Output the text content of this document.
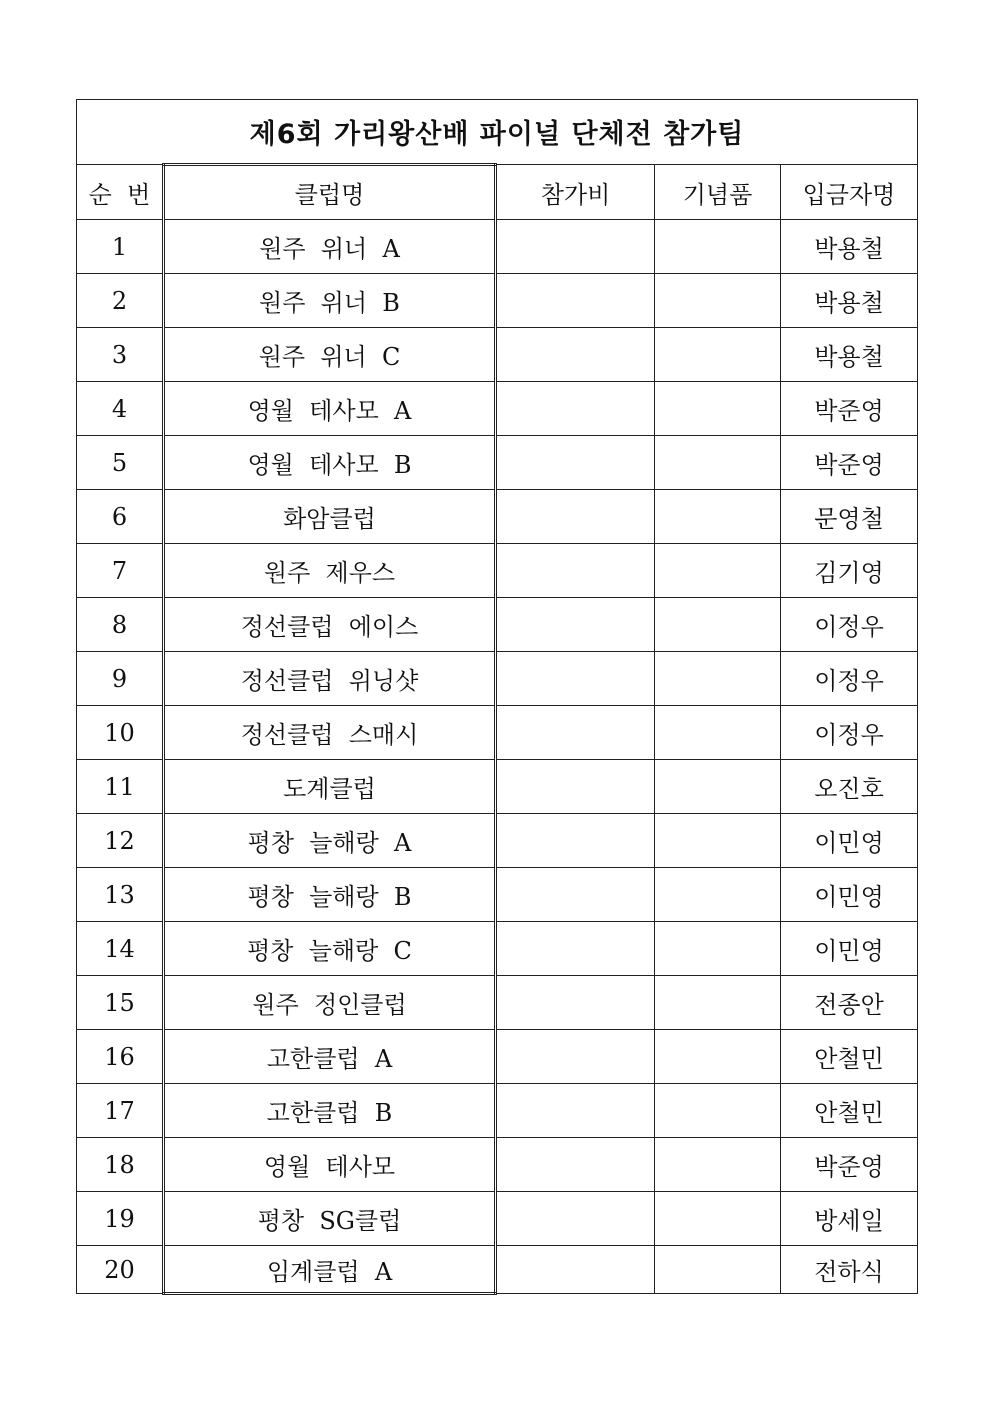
제6회 가리왕산배 파이널 단체전 참가팀				
순  번	클럽명	참가비	기념품	입금자명
1	원주  위너  A			박용철
2	원주  위너  B			박용철
3	원주  위너  C			박용철
4	영월  테사모  A			박준영
5	영월  테사모  B			박준영
6	화암클럽			문영철
7	원주  제우스			김기영
8	정선클럽  에이스			이정우
9	정선클럽  위닝샷			이정우
10	정선클럽  스매시			이정우
11	도계클럽			오진호
12	평창  늘해랑  A			이민영
13	평창  늘해랑  B			이민영
14	평창  늘해랑  C			이민영
15	원주  정인클럽			전종안
16	고한클럽  A			안철민
17	고한클럽  B			안철민
18	영월  테사모			박준영
19	평창  SG클럽			방세일
20	임계클럽  A			전하식
